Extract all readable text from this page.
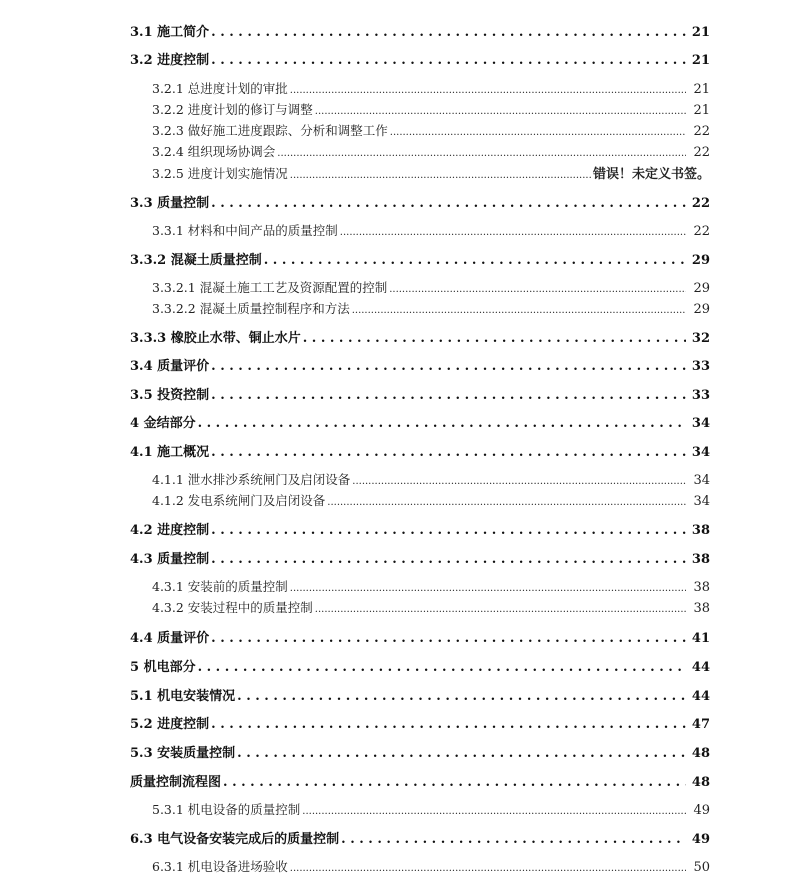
3.1 施工简介 . . .	21
3.2 进度控制 . . .	21
3.2.1 总进度计划的审批 .....	21
3.2.2 进度计划的修订与调整 .....	21
3.2.3 做好施工进度跟踪、分析和调整工作 .....	22
3.2.4 组织现场协调会 .....	22
3.2.5 进度计划实施情况 .....	错误！未定义书签。
3.3 质量控制 . . .	22
3.3.1 材料和中间产品的质量控制 .....	22
3.3.2 混凝土质量控制 . . .	29
3.3.2.1 混凝土施工工艺及资源配置的控制 .....	29
3.3.2.2 混凝土质量控制程序和方法 .....	29
3.3.3 橡胶止水带、铜止水片 . . .	32
3.4 质量评价 . . .	33
3.5 投资控制 . . .	33
4 金结部分 . . .	34
4.1 施工概况 . . .	34
4.1.1 泄水排沙系统闸门及启闭设备 .....	34
4.1.2 发电系统闸门及启闭设备 .....	34
4.2 进度控制 . . .	38
4.3 质量控制 . . .	38
4.3.1 安装前的质量控制 .....	38
4.3.2 安装过程中的质量控制 .....	38
4.4 质量评价 . . .	41
5 机电部分 . . .	44
5.1 机电安装情况 . . .	44
5.2 进度控制 . . .	47
5.3 安装质量控制 . . .	48
质量控制流程图 . . .	48
5.3.1 机电设备的质量控制 .....	49
6.3 电气设备安装完成后的质量控制 . . .	49
6.3.1 机电设备进场验收 .....	50
